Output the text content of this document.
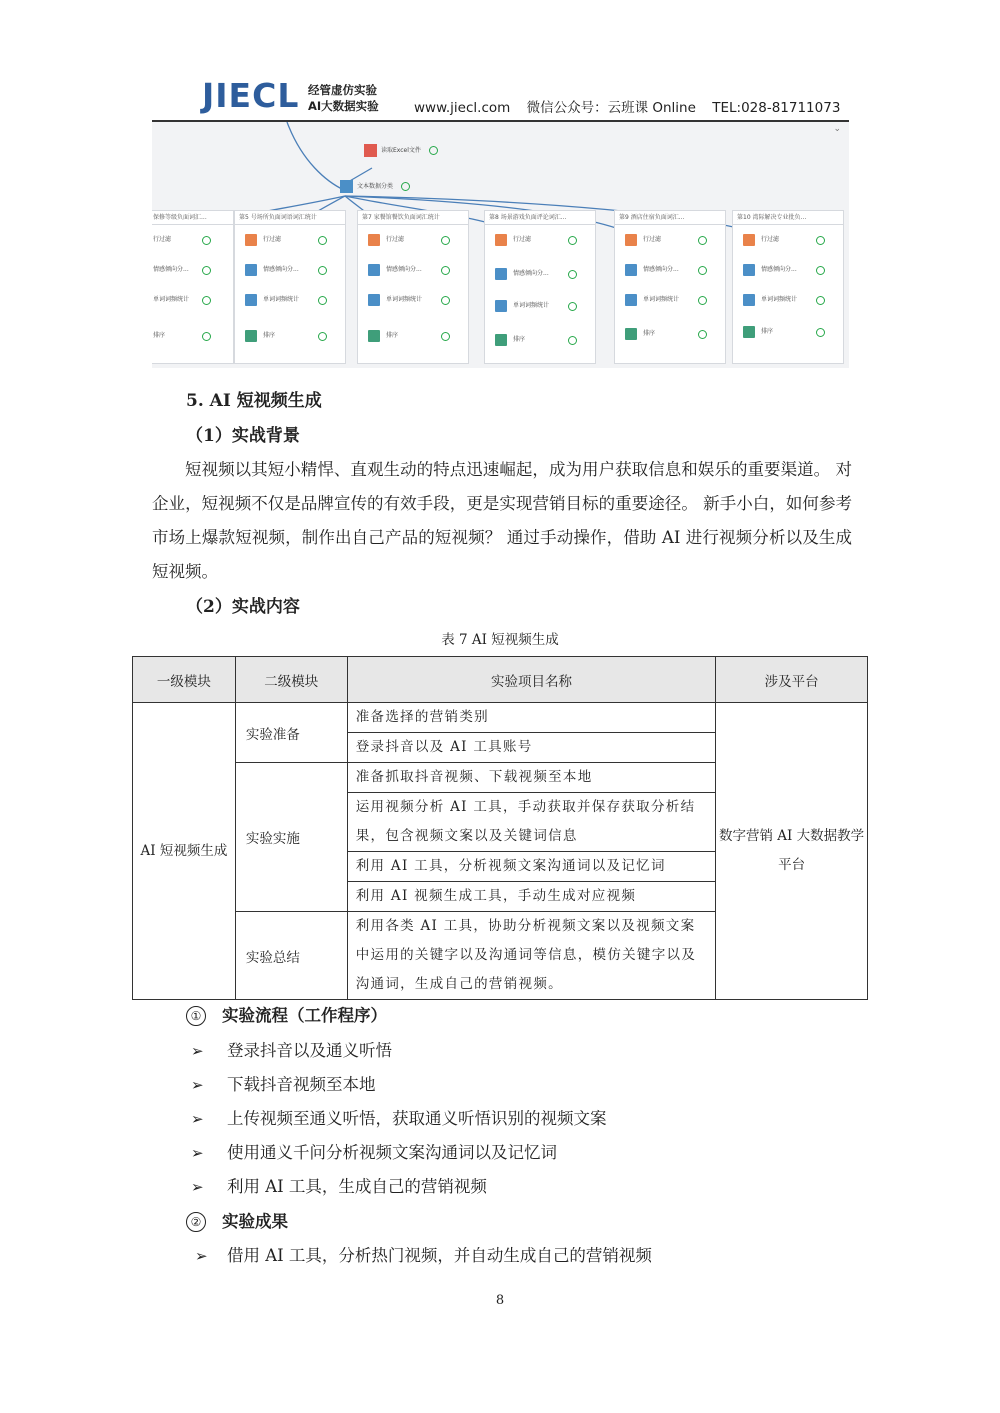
JIECL 经管虚仿实验
AI大数据实验	www.jiecl.com 微信公众号：云班课 Online TEL:028-81711073
⌄
读取Excel文件
文本数据分类
保修等级负面词汇...
行过滤
情感倾向分...
单词词频统计
排序
第5 号场所负面词语词汇统计
行过滤
情感倾向分...
单词词频统计
排序
第7 家餐馆餐饮负面词汇统计
行过滤
情感倾向分...
单词词频统计
排序
第8 场景游戏负面评论词汇...
行过滤
情感倾向分...
单词词频统计
排序
第9 酒店住宿负面词汇...
行过滤
情感倾向分...
单词词频统计
排序
第10 湾际解决专业批负...
行过滤
情感倾向分...
单词词频统计
排序
5. AI 短视频生成
（1）实战背景

短视频以其短小精悍、直观生动的特点迅速崛起，成为用户获取信息和娱乐的重要渠道。 对企业，短视频不仅是品牌宣传的有效手段，更是实现营销目标的重要途径。 新手小白，如何参考市场上爆款短视频，制作出自己产品的短视频？ 通过手动操作，借助 AI 进行视频分析以及生成短视频。

（2）实战内容
表 7 AI 短视频生成
一级模块	二级模块	实验项目名称	涉及平台
AI 短视频生成	实验准备	准备选择的营销类别	数字营销 AI 大数据教学平台
		登录抖音以及 AI 工具账号	
	实验实施	准备抓取抖音视频、下载视频至本地	
		运用视频分析 AI 工具，手动获取并保存获取分析结果，包含视频文案以及关键词信息	
		利用 AI 工具，分析视频文案沟通词以及记忆词	
		利用 AI 视频生成工具，手动生成对应视频	
	实验总结	利用各类 AI 工具，协助分析视频文案以及视频文案中运用的关键字以及沟通词等信息，模仿关键字以及沟通词，生成自己的营销视频。	
① 实验流程（工作程序）
➢ 登录抖音以及通义听悟
➢ 下载抖音视频至本地
➢ 上传视频至通义听悟，获取通义听悟识别的视频文案
➢ 使用通义千问分析视频文案沟通词以及记忆词
➢ 利用 AI 工具，生成自己的营销视频
② 实验成果
➢ 借用 AI 工具，分析热门视频，并自动生成自己的营销视频
8
